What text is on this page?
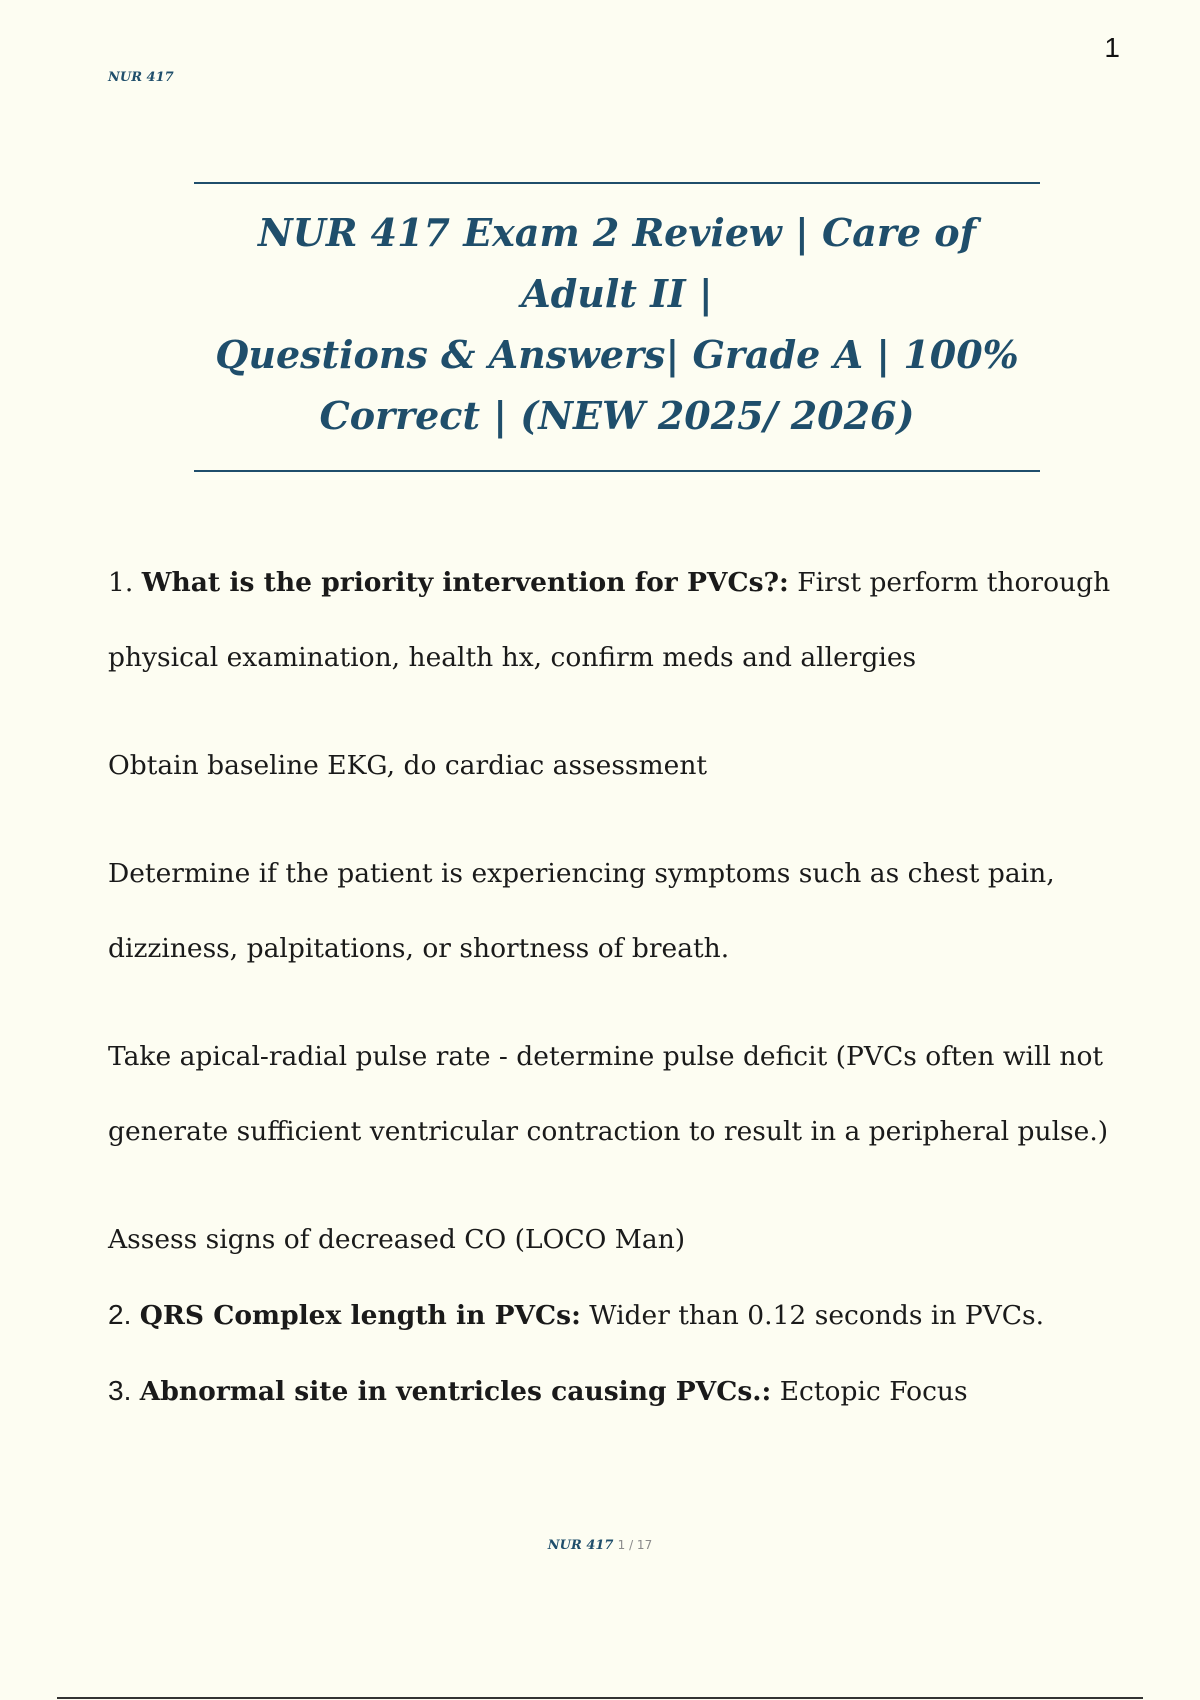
1
NUR 417
NUR 417 Exam 2 Review | Care of Adult II |
Questions & Answers| Grade A | 100%
Correct | (NEW 2025/ 2026)

1. What is the priority intervention for PVCs?: First perform thorough physical examination, health hx, confirm meds and allergies

Obtain baseline EKG, do cardiac assessment

Determine if the patient is experiencing symptoms such as chest pain, dizziness, palpitations, or shortness of breath.

Take apical-radial pulse rate - determine pulse deficit (PVCs often will not generate sufficient ventricular contraction to result in a peripheral pulse.)

Assess signs of decreased CO (LOCO Man)

2. QRS Complex length in PVCs: Wider than 0.12 seconds in PVCs.

3. Abnormal site in ventricles causing PVCs.: Ectopic Focus

NUR 417 1 / 17
